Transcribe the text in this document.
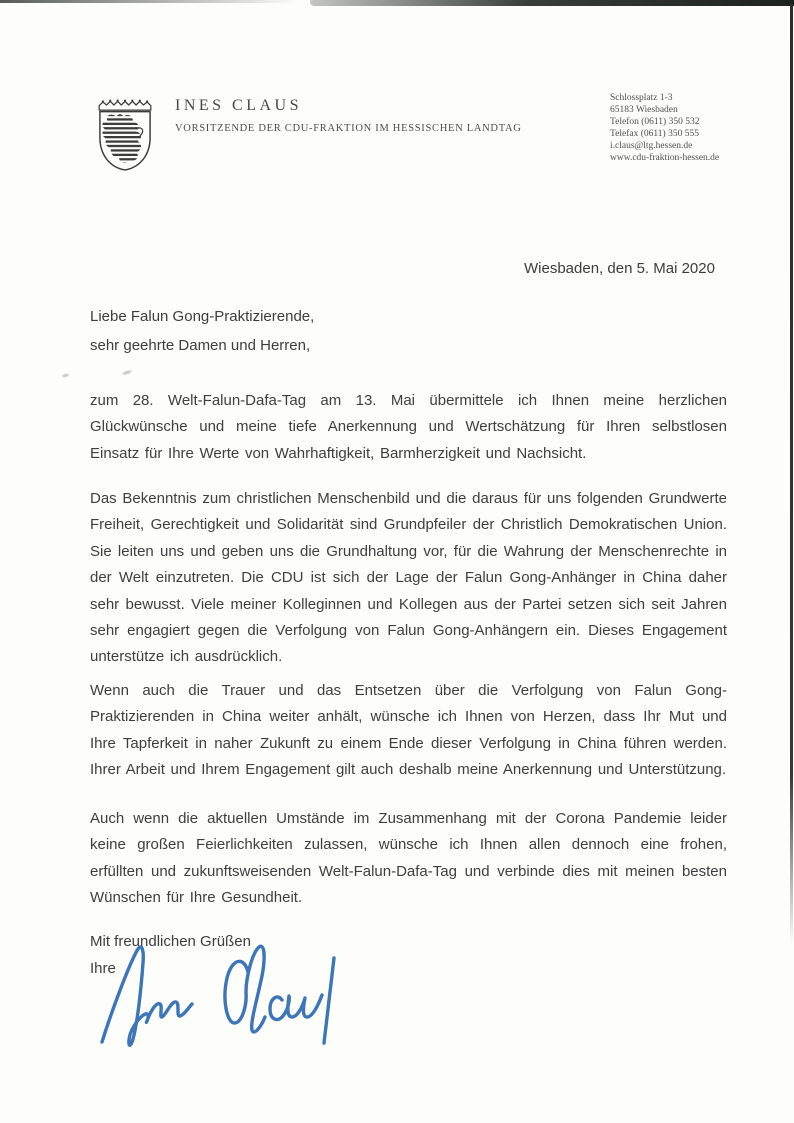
INES CLAUS
VORSITZENDE DER CDU-FRAKTION IM HESSISCHEN LANDTAG
Schlossplatz 1-3
65183 Wiesbaden
Telefon (0611) 350 532
Telefax (0611) 350 555
i.claus@ltg.hessen.de
www.cdu-fraktion-hessen.de
Wiesbaden, den 5. Mai 2020
Liebe Falun Gong-Praktizierende,
sehr geehrte Damen und Herren,
zum 28. Welt-Falun-Dafa-Tag am 13. Mai übermittele ich Ihnen meine herzlichen Glückwünsche und meine tiefe Anerkennung und Wertschätzung für Ihren selbstlosen Einsatz für Ihre Werte von Wahrhaftigkeit, Barmherzigkeit und Nachsicht.
Das Bekenntnis zum christlichen Menschenbild und die daraus für uns folgenden Grundwerte Freiheit, Gerechtigkeit und Solidarität sind Grundpfeiler der Christlich Demokratischen Union. Sie leiten uns und geben uns die Grundhaltung vor, für die Wahrung der Menschenrechte in der Welt einzutreten. Die CDU ist sich der Lage der Falun Gong-Anhänger in China daher sehr bewusst. Viele meiner Kolleginnen und Kollegen aus der Partei setzen sich seit Jahren sehr engagiert gegen die Verfolgung von Falun Gong-Anhängern ein. Dieses Engagement unterstütze ich ausdrücklich.
Wenn auch die Trauer und das Entsetzen über die Verfolgung von Falun Gong-Praktizierenden in China weiter anhält, wünsche ich Ihnen von Herzen, dass Ihr Mut und Ihre Tapferkeit in naher Zukunft zu einem Ende dieser Verfolgung in China führen werden. Ihrer Arbeit und Ihrem Engagement gilt auch deshalb meine Anerkennung und Unterstützung.
Auch wenn die aktuellen Umstände im Zusammenhang mit der Corona Pandemie leider keine großen Feierlichkeiten zulassen, wünsche ich Ihnen allen dennoch eine frohen, erfüllten und zukunftsweisenden Welt-Falun-Dafa-Tag und verbinde dies mit meinen besten Wünschen für Ihre Gesundheit.
Mit freundlichen Grüßen
Ihre
